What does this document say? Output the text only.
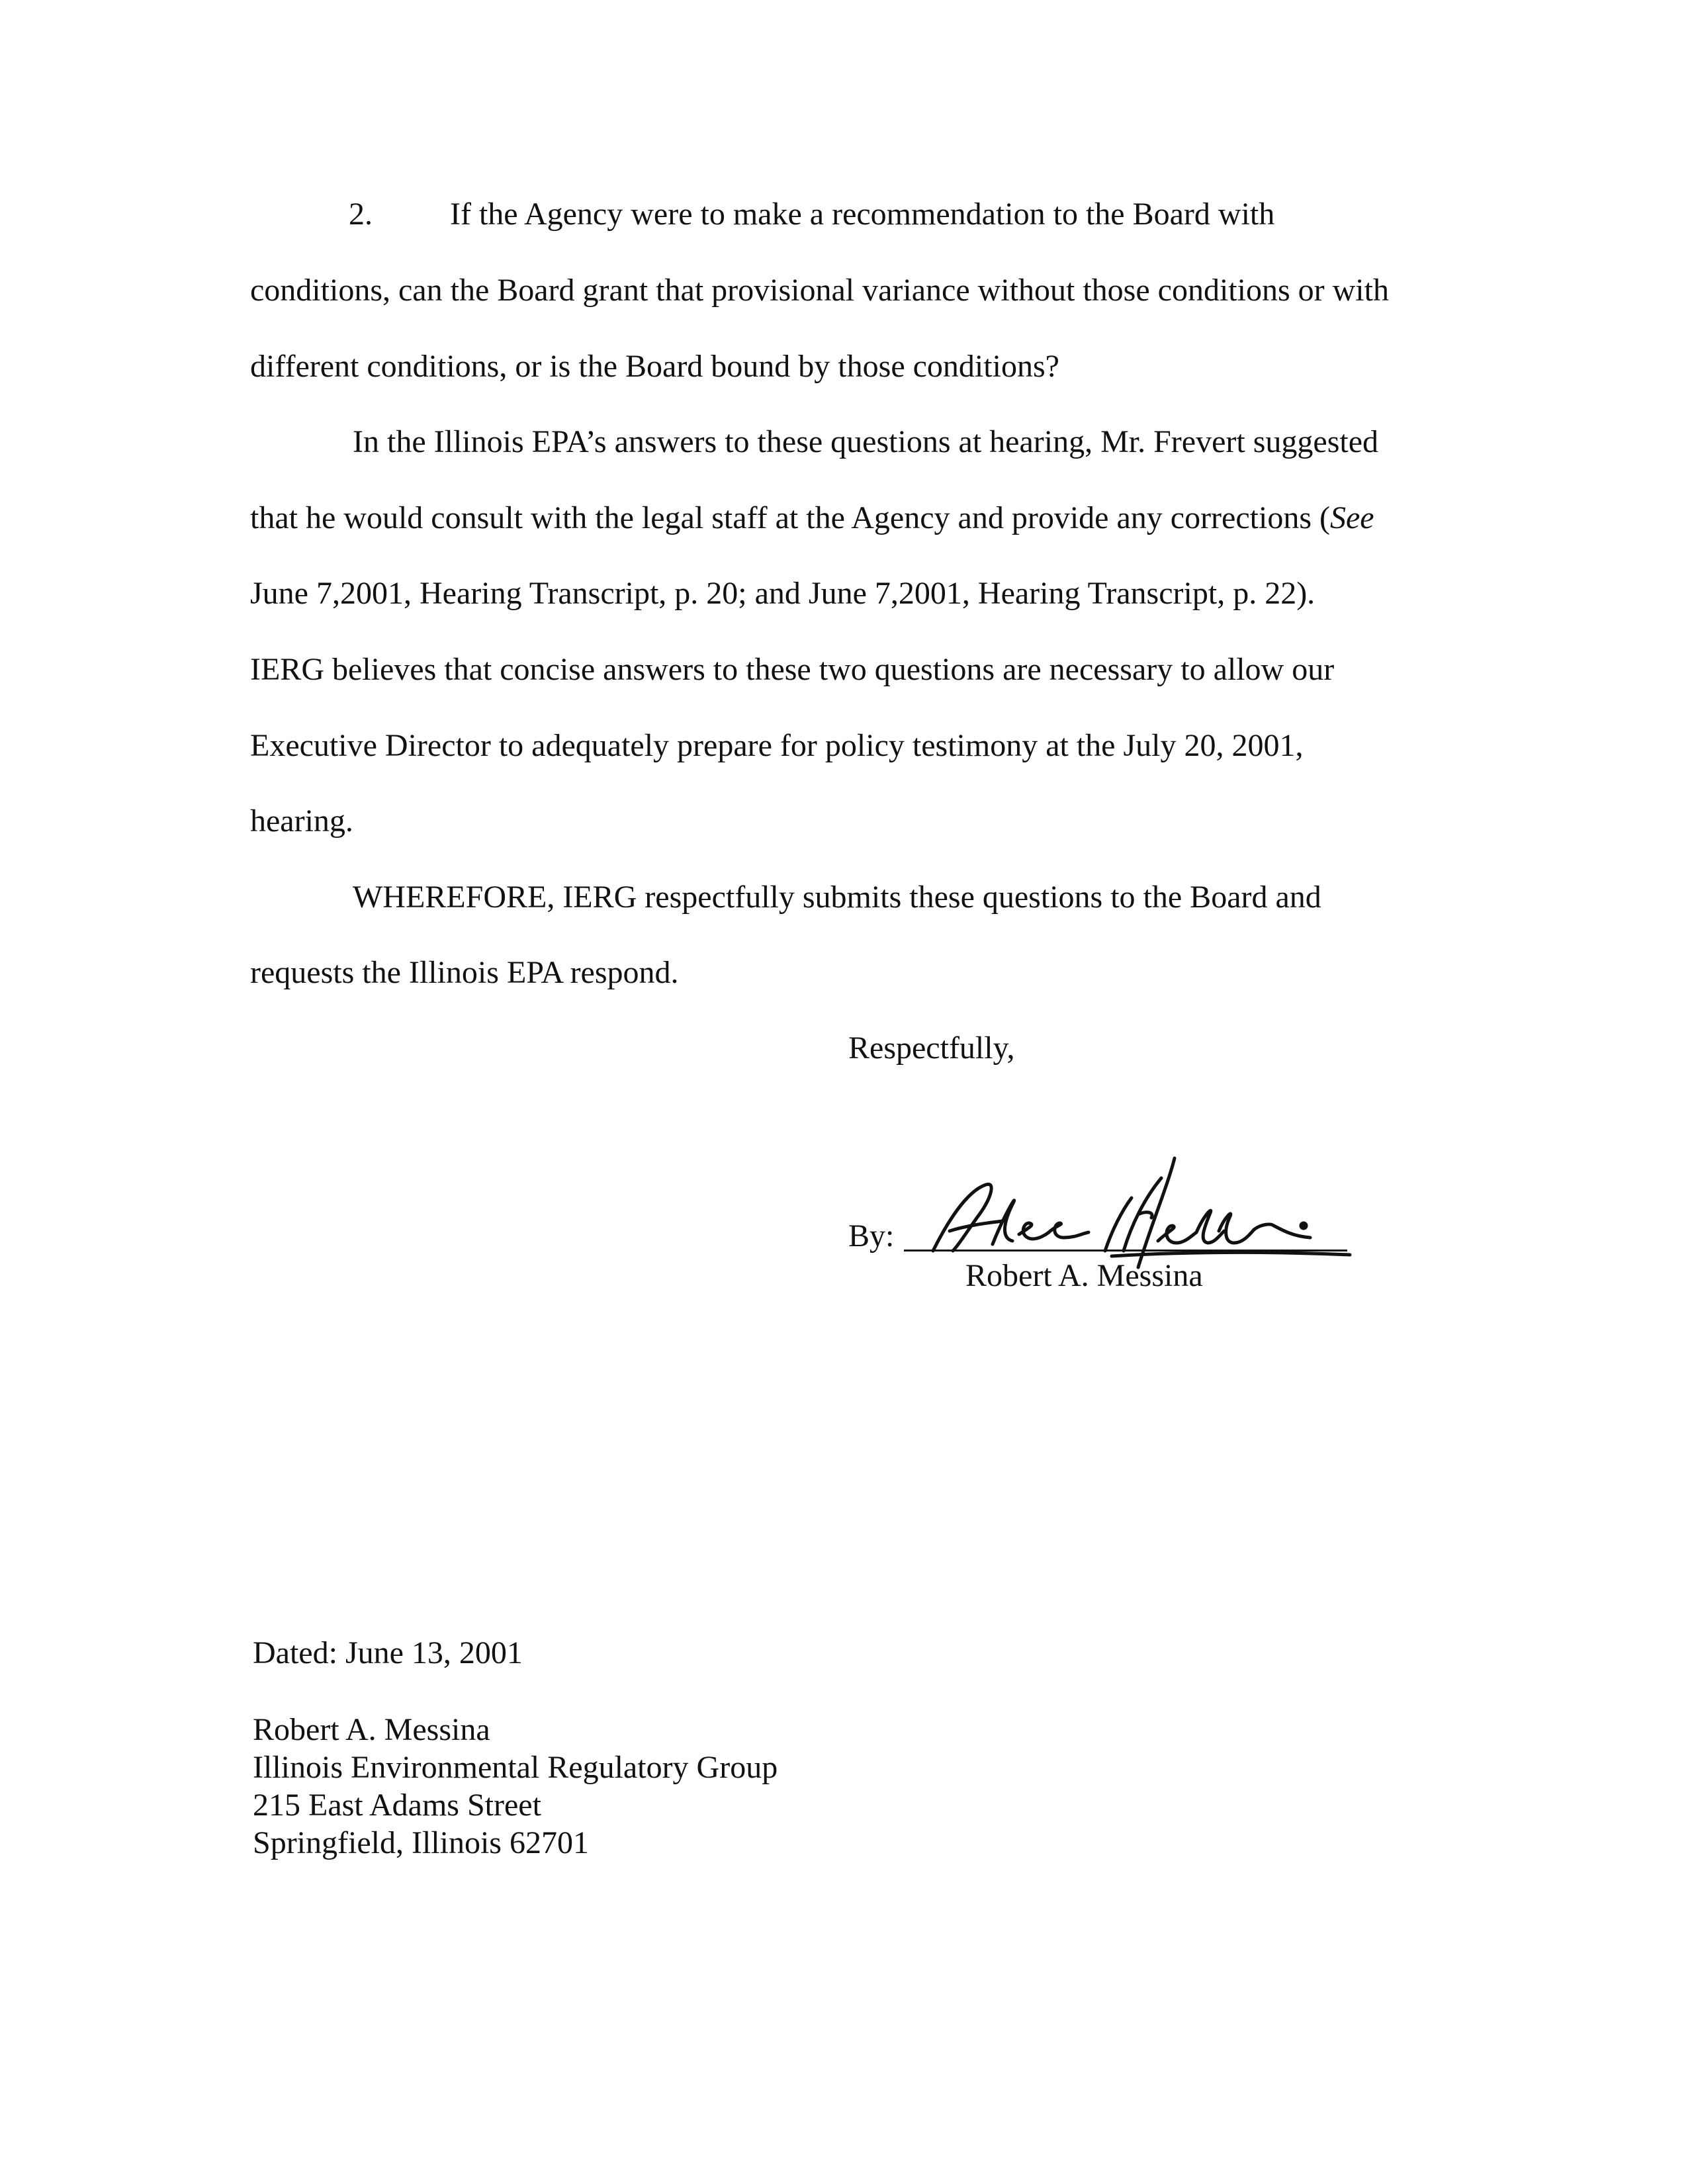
2. If the Agency were to make a recommendation to the Board with
conditions, can the Board grant that provisional variance without those conditions or with
different conditions, or is the Board bound by those conditions?
In the Illinois EPA’s answers to these questions at hearing, Mr. Frevert suggested
that he would consult with the legal staff at the Agency and provide any corrections (See
June 7,2001, Hearing Transcript, p. 20; and June 7,2001, Hearing Transcript, p. 22).
IERG believes that concise answers to these two questions are necessary to allow our
Executive Director to adequately prepare for policy testimony at the July 20, 2001,
hearing.
WHEREFORE, IERG respectfully submits these questions to the Board and
requests the Illinois EPA respond.
Respectfully,
By:
Robert A. Messina
Dated: June 13, 2001
Robert A. Messina
Illinois Environmental Regulatory Group
215 East Adams Street
Springfield, Illinois 62701
